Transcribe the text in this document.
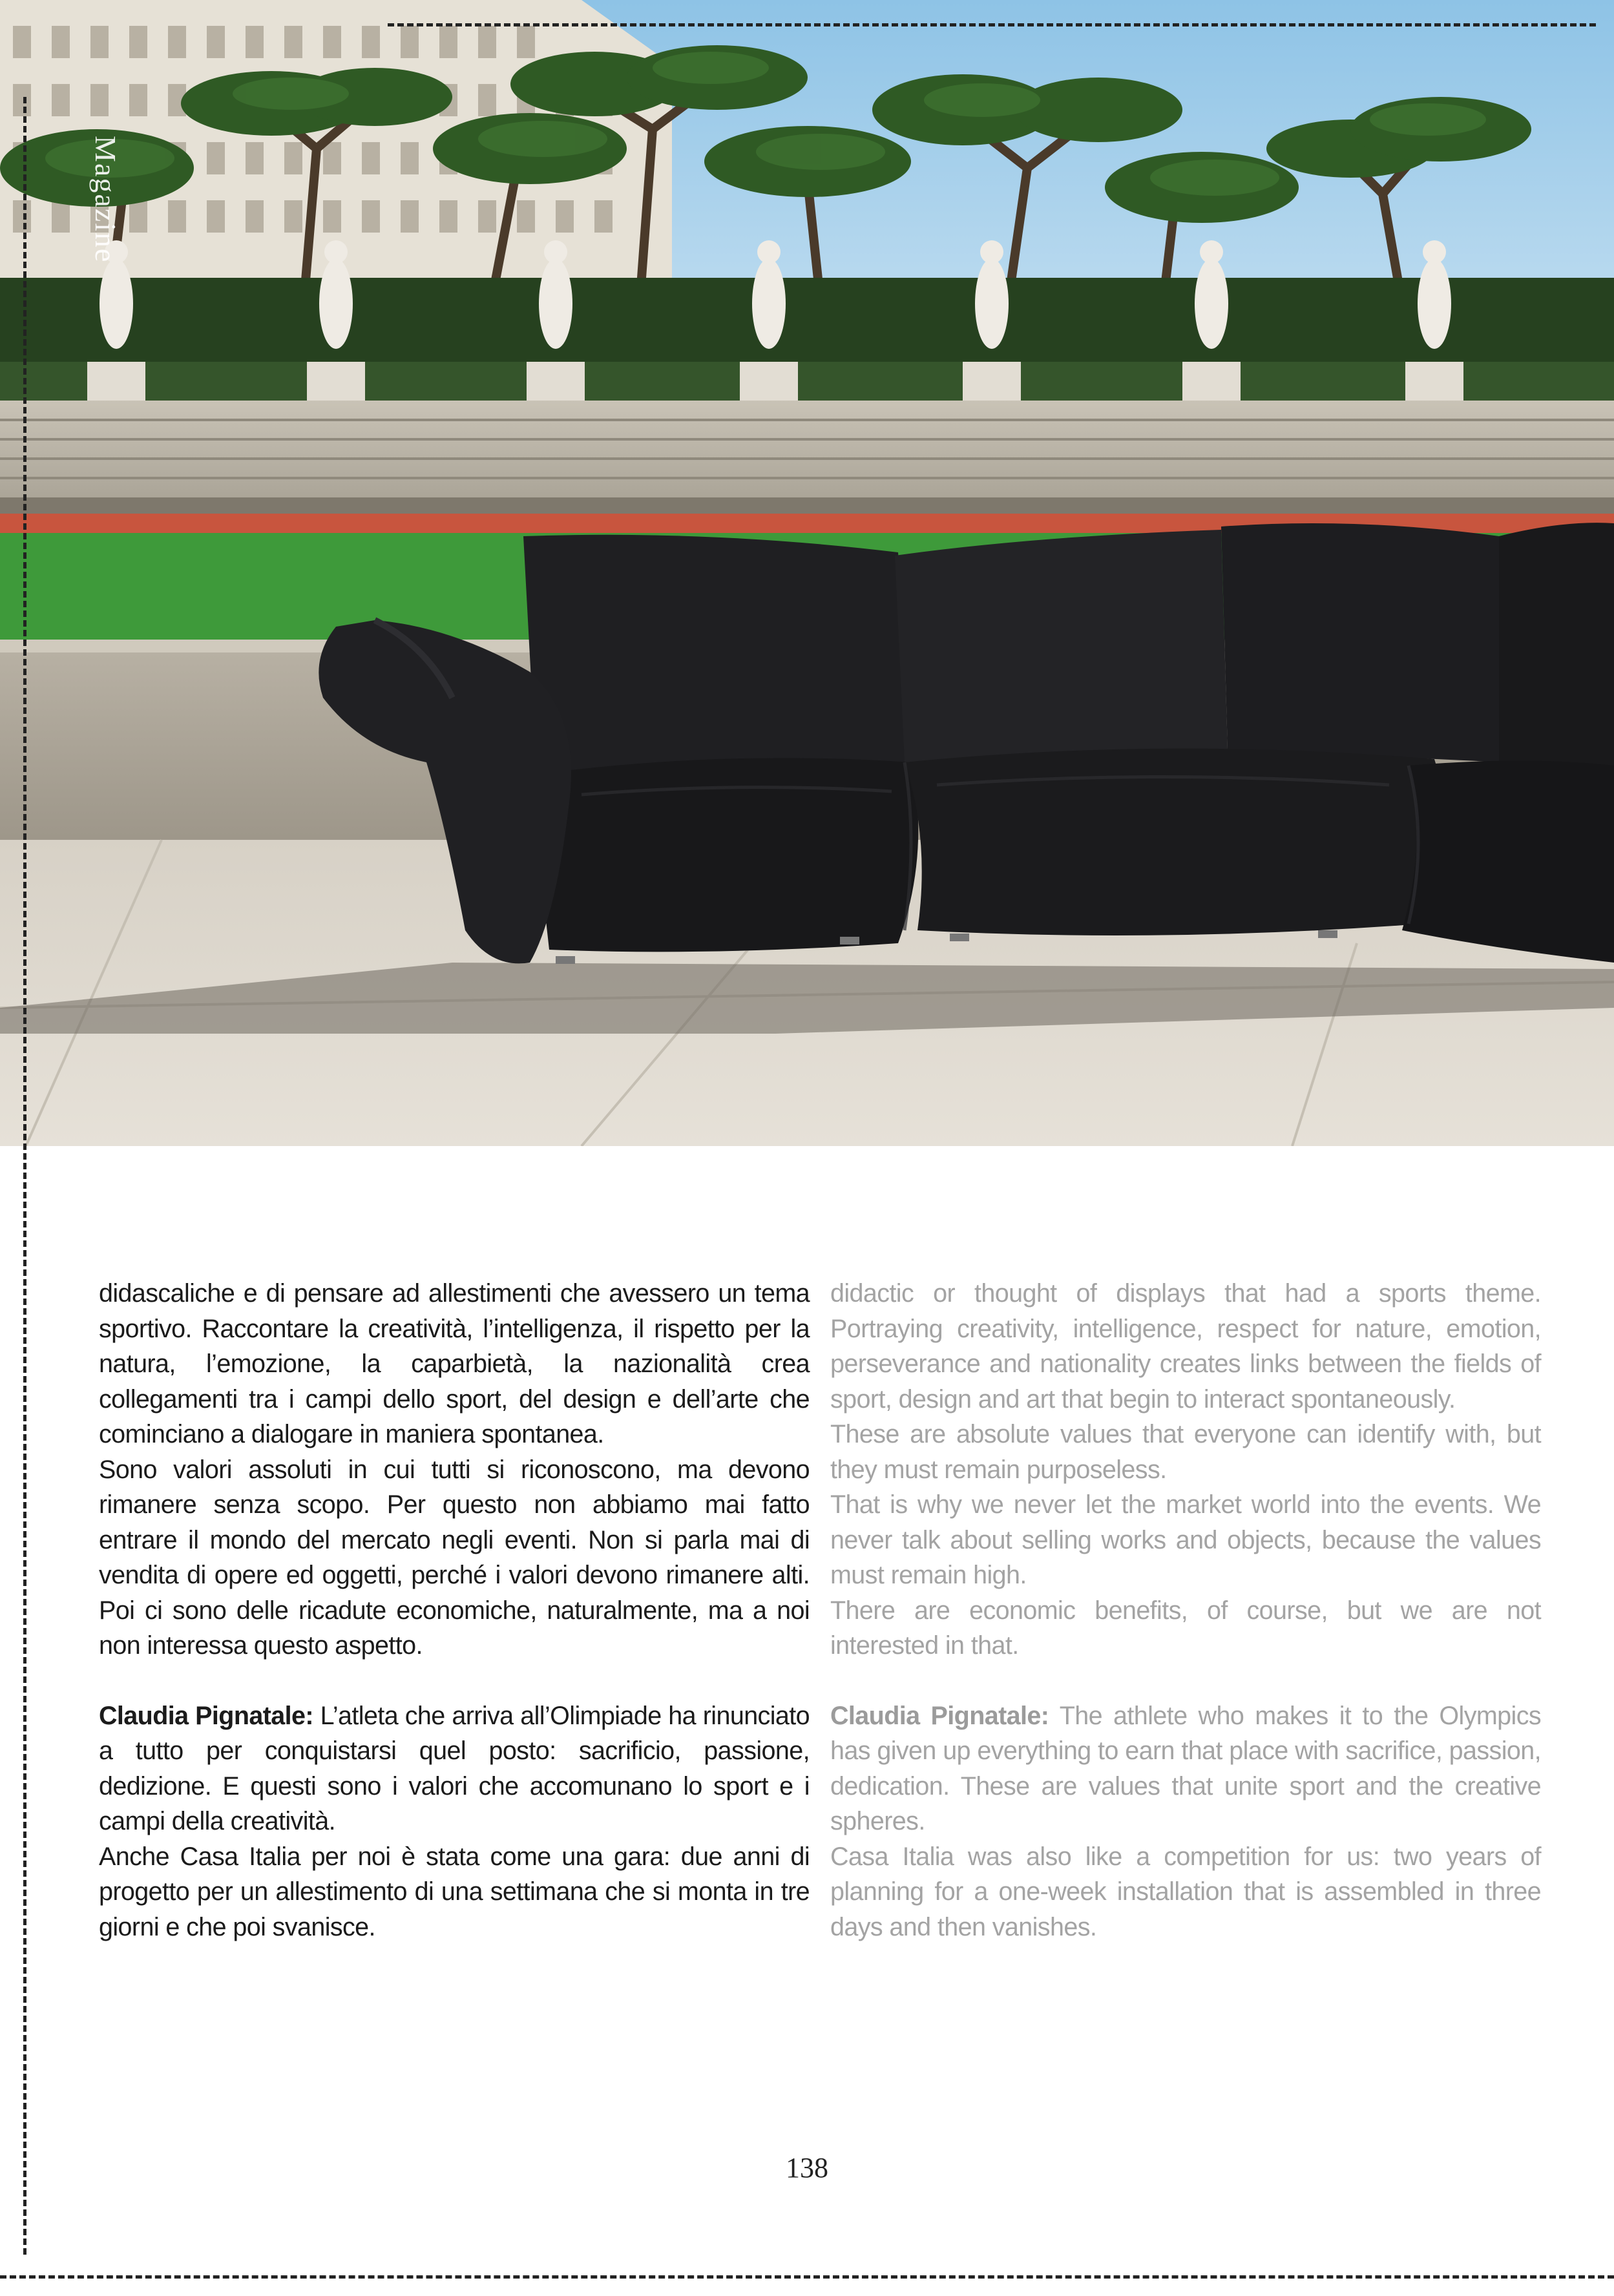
Magazine

didascaliche e di pensare ad allestimenti che avessero un tema sportivo. Raccontare la creatività, l’intelligenza, il rispetto per la natura, l’emozione, la caparbietà, la nazionalità crea collegamenti tra i campi dello sport, del design e dell’arte che cominciano a dialogare in maniera spontanea.

Sono valori assoluti in cui tutti si riconoscono, ma devono rimanere senza scopo. Per questo non abbiamo mai fatto entrare il mondo del mercato negli eventi. Non si parla mai di vendita di opere ed oggetti, perché i valori devono rimanere alti. Poi ci sono delle ricadute economiche, naturalmente, ma a noi non interessa questo aspetto.

Claudia Pignatale: L’atleta che arriva all’Olimpiade ha rinunciato a tutto per conquistarsi quel posto: sacrificio, passione, dedizione. E questi sono i valori che accomunano lo sport e i campi della creatività.

Anche Casa Italia per noi è stata come una gara: due anni di progetto per un allestimento di una settimana che si monta in tre giorni e che poi svanisce.

didactic or thought of displays that had a sports theme. Portraying creativity, intelligence, respect for nature, emotion, perseverance and nationality creates links between the fields of sport, design and art that begin to interact spontaneously.

These are absolute values that everyone can identify with, but they must remain purposeless.

That is why we never let the market world into the events. We never talk about selling works and objects, because the values must remain high.

There are economic benefits, of course, but we are not interested in that.

Claudia Pignatale: The athlete who makes it to the Olympics has given up everything to earn that place with sacrifice, passion, dedication. These are values that unite sport and the creative spheres.

Casa Italia was also like a competition for us: two years of planning for a one-week installation that is assembled in three days and then vanishes.

138
